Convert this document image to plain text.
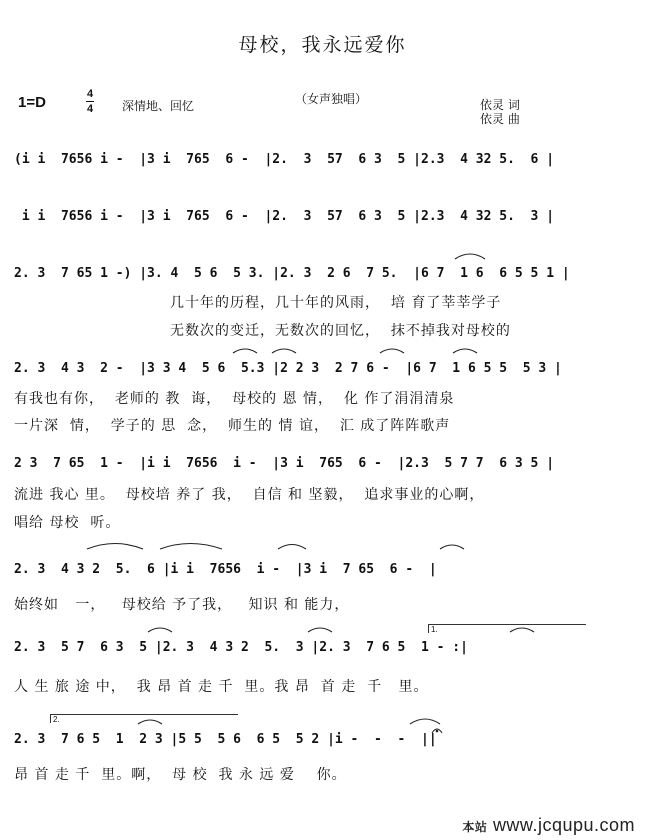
母校，我永远爱你
1=D	4
4 深情地、回忆	（女声独唱）	依灵 词
依灵 曲
(i i  7656 i -  |3 i  765  6 -  |2.  3  57  6 3  5 |2.3  4 32 5.  6 |
i i  7656 i -  |3 i  765  6 -  |2.  3  57  6 3  5 |2.3  4 32 5.  3 |
2. 3  7 65 1 -) |3. 4  5 6  5 3. |2. 3  2 6  7 5.  |6 7  1 6  6 5 5 1 |
几十年的历程，几十年的风雨，  培 育了莘莘学子
无数次的变迁，无数次的回忆，  抹不掉我对母校的
2. 3  4 3  2 -  |3 3 4  5 6  5.3 |2 2 3  2 7 6 -  |6 7  1 6 5 5  5 3 |
有我也有你，  老师的 教  诲，  母校的 恩 情，  化 作了涓涓清泉
一片深  情，  学子的 思  念，  师生的 情 谊，  汇 成了阵阵歌声
2 3  7 65  1 -  |i i  7656  i -  |3 i  765  6 -  |2.3  5 7 7  6 3 5 |
流进 我心 里。  母校培 养了 我，  自信 和 坚毅，  追求事业的心啊，
唱给 母校  听。
2. 3  4 3 2  5.  6 |i i  7656  i -  |3 i  7 65  6 -  |
始终如   一，   母校给 予了我，   知识 和 能力，
1.
2. 3  5 7  6 3  5 |2. 3  4 3 2  5.  3 |2. 3  7 6 5  1 - :|
人 生 旅 途 中，  我 昂 首 走 千  里。我 昂  首 走  千   里。
2.
2. 3  7 6 5  1  2 3 |5 5  5 6  6 5  5 2 |i -  -  -  ||
昂 首 走 千  里。啊，  母 校  我 永 远 爱    你。
本站 www.jcqupu.com
